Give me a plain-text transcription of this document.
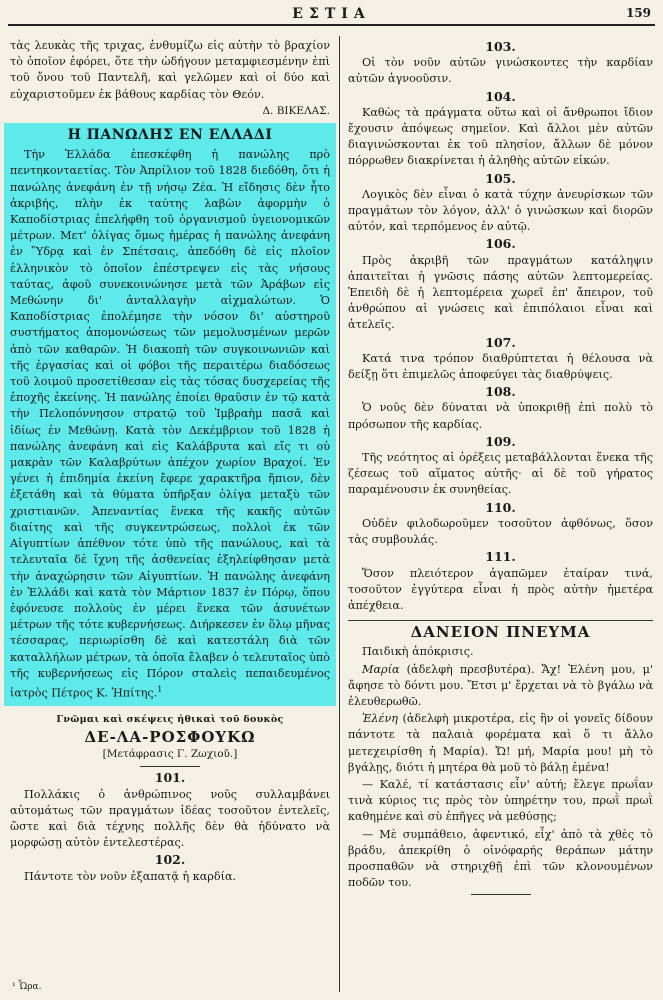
ΕΣΤΙΑ	159

τὰς λευκὰς τῆς τριχας, ἐνθυμίζω εἰς αὐτὴν τὸ βραχίον τὸ ὁποῖον ἐφόρει, ὅτε τὴν ὡδήγουν μεταμφιεσμένην ἐπὶ τοῦ ὄνου τοῦ Παντελῆ, καὶ γελῶμεν καὶ οἱ δύο καὶ εὐχαριστοῦμεν ἐκ βάθους καρδίας τὸν Θεόν.

Δ. ΒΙΚΕΛΑΣ.
Η ΠΑΝΩΛΗΣ ΕΝ ΕΛΛΑΔΙ

Τὴν Ἑλλάδα ἐπεσκέφθη ἡ πανώλης πρὸ πεντηκονταετίας. Τὸν Ἀπρίλιον τοῦ 1828 διεδόθη, ὅτι ἡ πανώλης ἀνεφάνη ἐν τῇ νήσῳ Ζέα. Ἡ εἴδησις δὲν ἦτο ἀκριβής, πλὴν ἐκ ταύτης λαβὼν ἀφορμὴν ὁ Καποδίστριας ἐπελήφθη τοῦ ὀργανισμοῦ ὑγειονομικῶν μέτρων. Μετ' ὀλίγας ὅμως ἡμέρας ἡ πανώλης ἀνεφάνη ἐν Ὕδρᾳ καὶ ἐν Σπέτσαις, ἀπεδόθη δὲ εἰς πλοῖον ἑλληνικὸν τὸ ὁποῖον ἐπέστρεψεν εἰς τὰς νήσους ταύτας, ἀφοῦ συνεκοινώνησε μετὰ τῶν Ἀράβων εἰς Μεθώνην δι' ἀνταλλαγὴν αἰχμαλώτων. Ὁ Καποδίστριας ἐπολέμησε τὴν νόσον δι' αὐστηροῦ συστήματος ἀπομονώσεως τῶν μεμολυσμένων μερῶν ἀπὸ τῶν καθαρῶν. Ἡ διακοπὴ τῶν συγκοινωνιῶν καὶ τῆς ἐργασίας καὶ οἱ φόβοι τῆς περαιτέρω διαδόσεως τοῦ λοιμοῦ προσετίθεσαν εἰς τὰς τόσας δυσχερείας τῆς ἐποχῆς ἐκείνης. Ἡ πανώλης ἐποίει θραῦσιν ἐν τῷ κατὰ τὴν Πελοπόννησον στρατῷ τοῦ Ἰμβραὴμ πασᾶ καὶ ἰδίως ἐν Μεθώνῃ. Κατὰ τὸν Δεκέμβριον τοῦ 1828 ἡ πανώλης ἀνεφάνη καὶ εἰς Καλάβρυτα καὶ εἴς τι οὐ μακρὰν τῶν Καλαβρύτων ἀπέχον χωρίον Βραχοί. Ἐν γένει ἡ ἐπιδημία ἐκείνη ἔφερε χαρακτῆρα ἤπιον, δὲν ἐξετάθη καὶ τὰ θύματα ὑπῆρξαν ὀλίγα μεταξὺ τῶν χριστιανῶν. Ἀπεναντίας ἕνεκα τῆς κακῆς αὐτῶν διαίτης καὶ τῆς συγκεντρώσεως, πολλοὶ ἐκ τῶν Αἰγυπτίων ἀπέθνον τότε ὑπὸ τῆς πανώλους, καὶ τὰ τελευταῖα δὲ ἴχνη τῆς ἀσθενείας ἐξηλείφθησαν μετὰ τὴν ἀναχώρησιν τῶν Αἰγυπτίων. Ἡ πανώλης ἀνεφάνη ἐν Ἑλλάδι καὶ κατὰ τὸν Μάρτιον 1837 ἐν Πόρῳ, ὅπου ἐφόνευσε πολλοὺς ἐν μέρει ἕνεκα τῶν ἀσυνέτων μέτρων τῆς τότε κυβερνήσεως. Διήρκεσεν ἐν ὅλῳ μῆνας τέσσαρας, περιωρίσθη δὲ καὶ κατεστάλη διὰ τῶν καταλλήλων μέτρων, τὰ ὁποῖα ἔλαβεν ὁ τελευταῖος ὑπὸ τῆς κυβερνήσεως εἰς Πόρον σταλεὶς πεπαιδευμένος ἰατρὸς Πέτρος Κ. Ἠπίτης.$^1$

Γνῶμαι καὶ σκέψεις ἠθικαὶ τοῦ δουκὸς
ΔΕ-ΛΑ-ΡΟΣΦΟΥΚΩ
[Μετάφρασις Γ. Ζωχιοῦ.]
101.

Πολλάκις ὁ ἀνθρώπινος νοῦς συλλαμβάνει αὐτομάτως τῶν πραγμάτων ἰδέας τοσοῦτον ἐντελεῖς, ὥστε καὶ διὰ τέχνης πολλῆς δὲν θὰ ἠδύνατο νὰ μορφώσῃ αὐτὸν ἐντελεστέρας.

102.

Πάντοτε τὸν νοῦν ἐξαπατᾷ ἡ καρδία.

¹ Ὧρα.
103.

Οἱ τὸν νοῦν αὐτῶν γινώσκοντες τὴν καρδίαν αὐτῶν ἀγνοοῦσιν.

104.

Καθὼς τὰ πράγματα οὕτω καὶ οἱ ἄνθρωποι ἴδιον ἔχουσιν ἀπόψεως σημεῖον. Καὶ ἄλλοι μὲν αὐτῶν διαγινώσκονται ἐκ τοῦ πλησίον, ἄλλων δὲ μόνον πόρρωθεν διακρίνεται ἡ ἀληθὴς αὐτῶν εἰκών.

105.

Λογικὸς δὲν εἶναι ὁ κατὰ τύχην ἀνευρίσκων τῶν πραγμάτων τὸν λόγον, ἀλλ' ὁ γινώσκων καὶ διορῶν αὐτόν, καὶ τερπόμενος ἐν αὐτῷ.

106.

Πρὸς ἀκριβῆ τῶν πραγμάτων κατάληψιν ἀπαιτεῖται ἡ γνῶσις πάσης αὐτῶν λεπτομερείας. Ἐπειδὴ δὲ ἡ λεπτομέρεια χωρεῖ ἐπ' ἄπειρον, τοῦ ἀνθρώπου αἱ γνώσεις καὶ ἐπιπόλαιοι εἶναι καὶ ἀτελεῖς.

107.

Κατά τινα τρόπον διαθρύπτεται ἡ θέλουσα νὰ δείξῃ ὅτι ἐπιμελῶς ἀποφεύγει τὰς διαθρύψεις.

108.

Ὁ νοῦς δὲν δύναται νὰ ὑποκριθῇ ἐπὶ πολὺ τὸ πρόσωπον τῆς καρδίας.

109.

Τῆς νεότητος αἱ ὀρέξεις μεταβάλλονται ἕνεκα τῆς ζέσεως τοῦ αἵματος αὐτῆς· αἱ δὲ τοῦ γήρατος παραμένουσιν ἐκ συνηθείας.

110.

Οὐδὲν φιλοδωροῦμεν τοσοῦτον ἀφθόνως, ὅσον τὰς συμβουλάς.

111.

Ὅσον πλειότερον ἀγαπῶμεν ἑταίραν τινά, τοσοῦτον ἐγγύτερα εἶναι ἡ πρὸς αὐτὴν ἡμετέρα ἀπέχθεια.

ΔΑΝΕΙΟΝ ΠΝΕΥΜΑ

Παιδικὴ ἀπόκρισις.

Μαρία (ἀδελφὴ πρεσβυτέρα). Ἄχ! Ἑλένη μου, μ' ἄφησε τὸ δόντι μου. Ἔτσι μ' ἔρχεται νὰ τὸ βγάλω νὰ ἐλευθερωθῶ.

Ἑλένη (ἀδελφὴ μικροτέρα, εἰς ἣν οἱ γονεῖς δίδουν πάντοτε τὰ παλαιὰ φορέματα καὶ ὅ τι ἄλλο μετεχειρίσθη ἡ Μαρία). Ὤ! μή, Μαρία μου! μὴ τὸ βγάλῃς, διότι ἡ μητέρα θὰ μοῦ τὸ βάλῃ ἐμένα!

— Καλέ, τί κατάστασις εἶν' αὐτή; ἔλεγε πρωΐαν τινὰ κύριος τις πρὸς τὸν ὑπηρέτην του, πρωῒ πρωῒ καθημένε καὶ σὺ ἐπῆγες νὰ μεθύσῃς;

— Μὲ συμπάθειο, ἀφεντικό, εἶχ' ἀπὸ τὰ χθὲς τὸ βράδυ, ἀπεκρίθη ὁ οἰνόφαρής θεράπων μάτην προσπαθῶν νὰ στηριχθῇ ἐπὶ τῶν κλονουμένων ποδῶν του.
